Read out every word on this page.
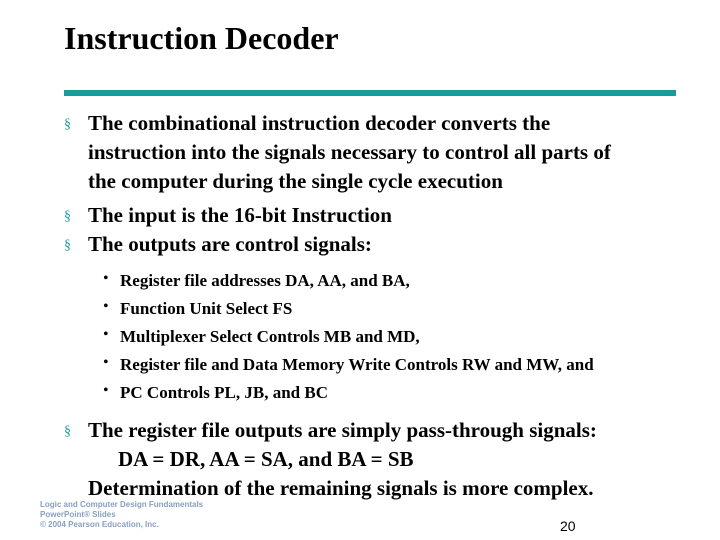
Instruction Decoder
§ The combinational instruction decoder converts the
instruction into the signals necessary to control all parts of
the computer during the single cycle execution
§ The input is the 16-bit Instruction
§ The outputs are control signals:
• Register file addresses DA, AA, and BA,
• Function Unit Select FS
• Multiplexer Select Controls MB and MD,
• Register file and Data Memory Write Controls RW and MW, and
• PC Controls PL, JB, and BC
§ The register file outputs are simply pass-through signals:
DA = DR, AA = SA, and BA = SB
Determination of the remaining signals is more complex.
Logic and Computer Design Fundamentals
PowerPoint® Slides
© 2004 Pearson Education, Inc.	20
